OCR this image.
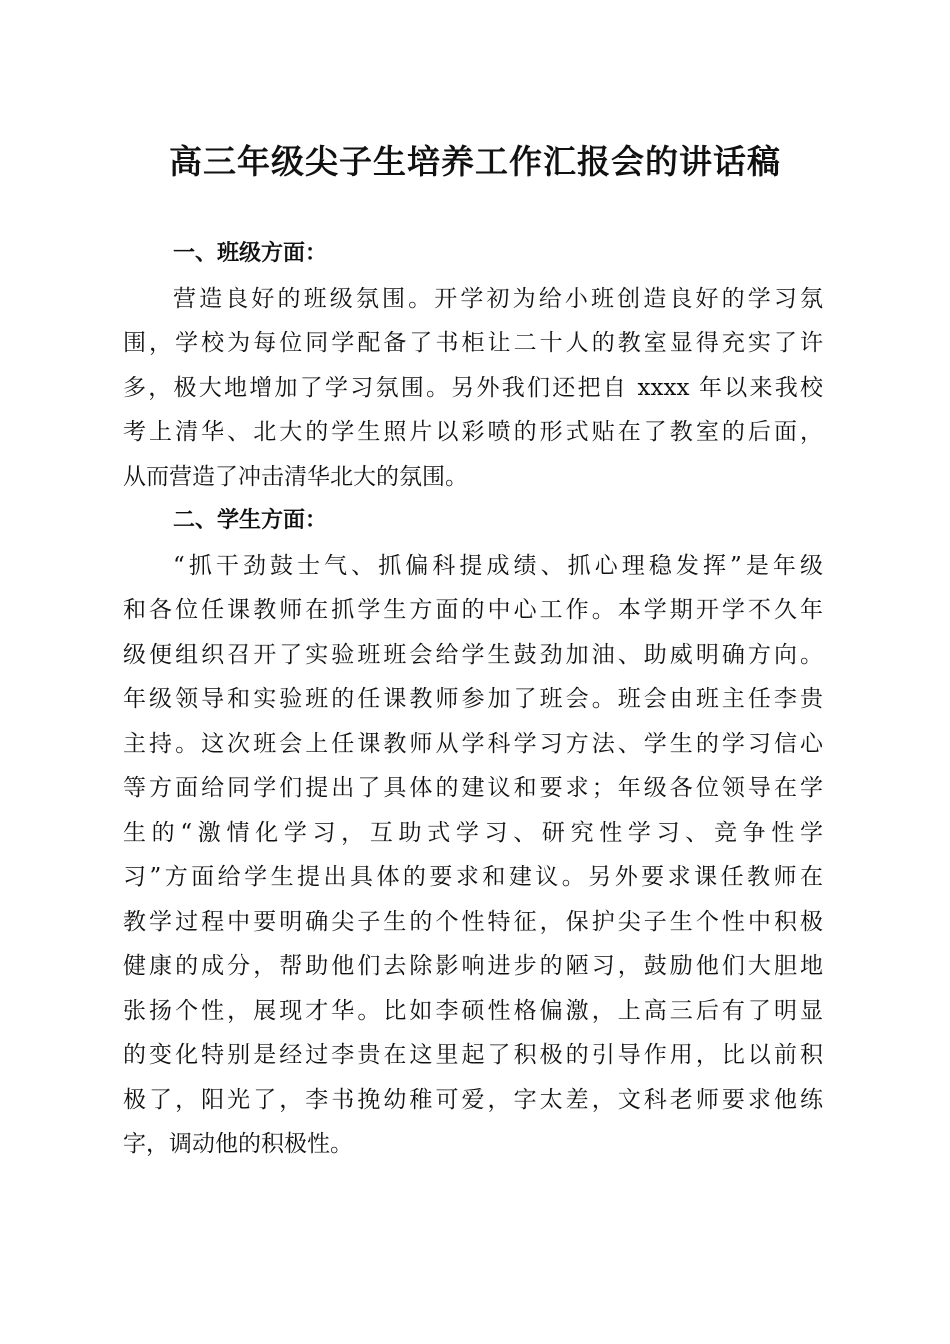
高三年级尖子生培养工作汇报会的讲话稿
一、班级方面：
营造良好的班级氛围。开学初为给小班创造良好的学习氛
围，学校为每位同学配备了书柜让二十人的教室显得充实了许
多，极大地增加了学习氛围。另外我们还把自 xxxx 年以来我校
考上清华、北大的学生照片以彩喷的形式贴在了教室的后面，
从而营造了冲击清华北大的氛围。
二、学生方面：
“抓干劲鼓士气、抓偏科提成绩、抓心理稳发挥”是年级
和各位任课教师在抓学生方面的中心工作。本学期开学不久年
级便组织召开了实验班班会给学生鼓劲加油、助威明确方向。
年级领导和实验班的任课教师参加了班会。班会由班主任李贵
主持。这次班会上任课教师从学科学习方法、学生的学习信心
等方面给同学们提出了具体的建议和要求；年级各位领导在学
生的“激情化学习，互助式学习、研究性学习、竞争性学
习”方面给学生提出具体的要求和建议。另外要求课任教师在
教学过程中要明确尖子生的个性特征，保护尖子生个性中积极
健康的成分，帮助他们去除影响进步的陋习，鼓励他们大胆地
张扬个性，展现才华。比如李硕性格偏激，上高三后有了明显
的变化特别是经过李贵在这里起了积极的引导作用，比以前积
极了，阳光了，李书挽幼稚可爱，字太差，文科老师要求他练
字，调动他的积极性。
